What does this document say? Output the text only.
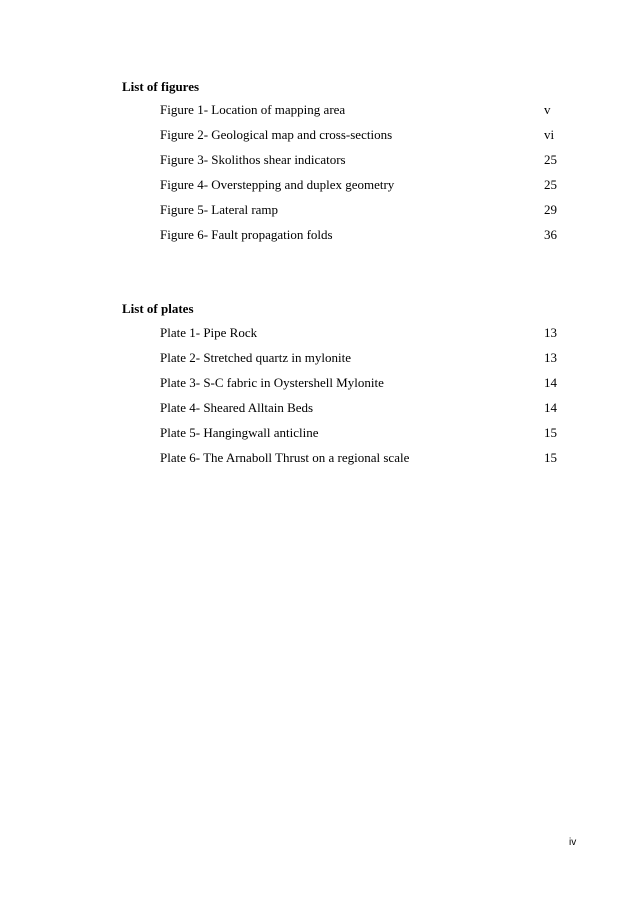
List of figures
Figure 1- Location of mapping area	v
Figure 2- Geological map and cross-sections	vi
Figure 3- Skolithos shear indicators	25
Figure 4- Overstepping and duplex geometry	25
Figure 5- Lateral ramp	29
Figure 6- Fault propagation folds	36
List of plates
Plate 1- Pipe Rock	13
Plate 2- Stretched quartz in mylonite	13
Plate 3- S-C fabric in Oystershell Mylonite	14
Plate 4- Sheared Alltain Beds	14
Plate 5- Hangingwall anticline	15
Plate 6- The Arnaboll Thrust on a regional scale	15
iv
